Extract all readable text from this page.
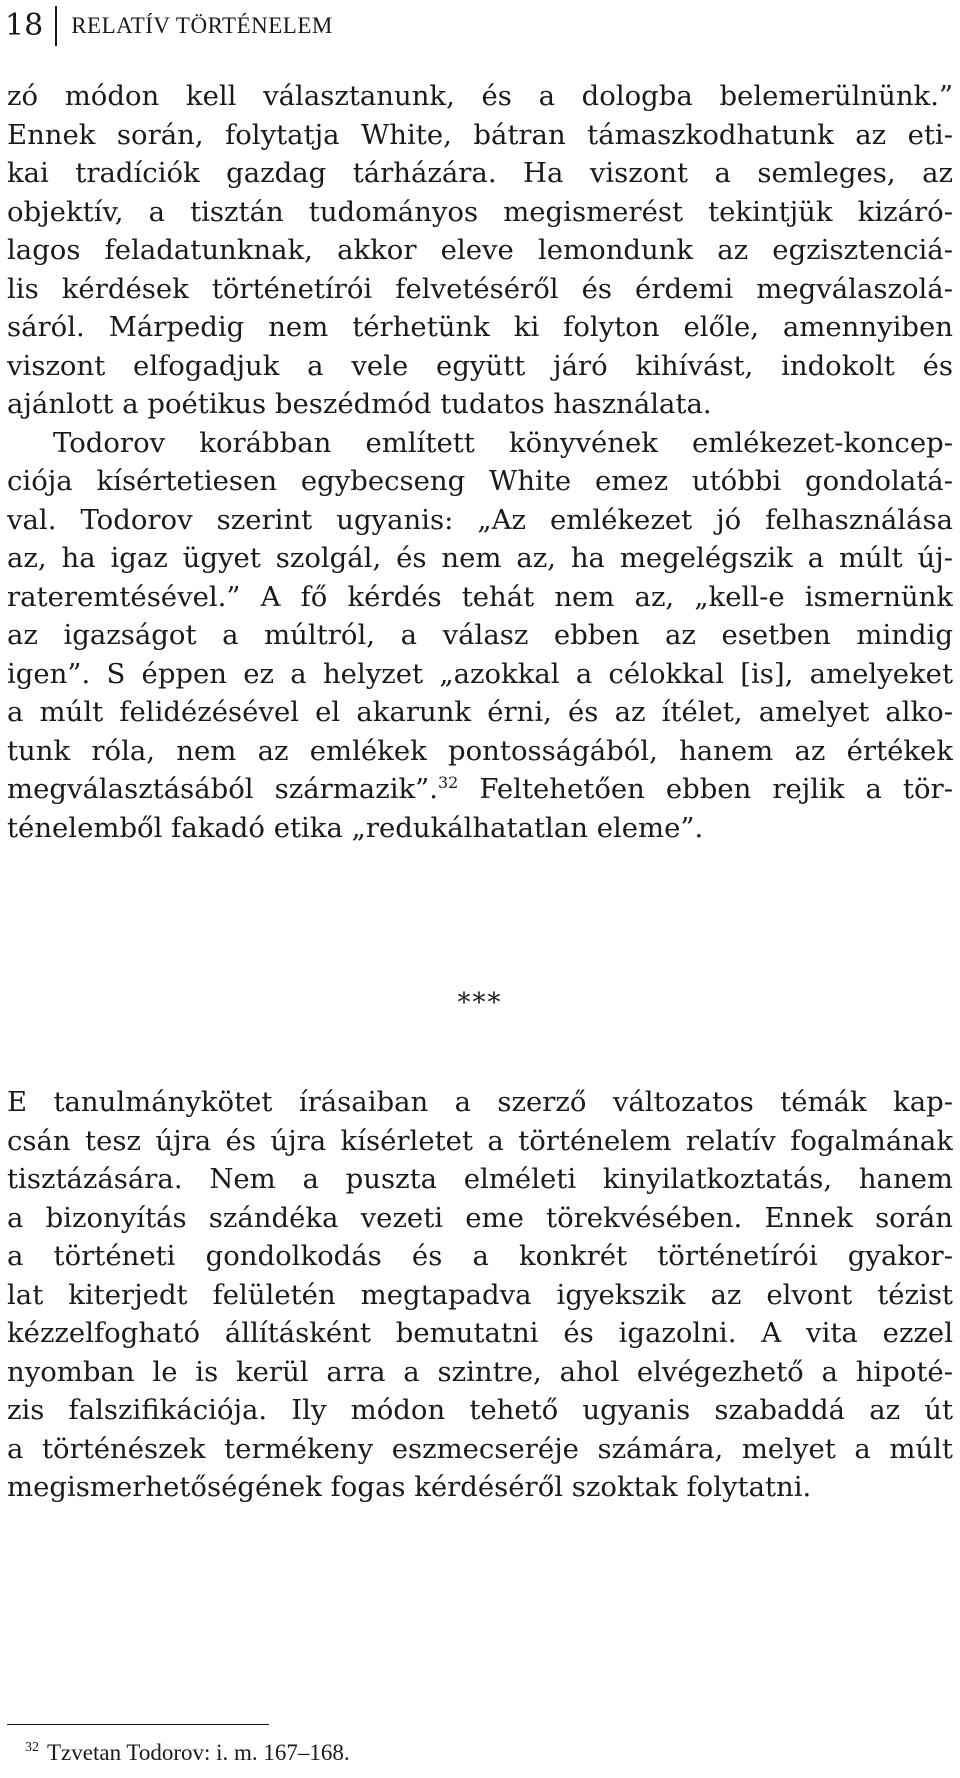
18	RELATÍV TÖRTÉNELEM
zó módon kell választanunk, és a dologba belemerülnünk.”
Ennek során, folytatja White, bátran támaszkodhatunk az eti-
kai tradíciók gazdag tárházára. Ha viszont a semleges, az
objektív, a tisztán tudományos megismerést tekintjük kizáró-
lagos feladatunknak, akkor eleve lemondunk az egzisztenciá-
lis kérdések történetírói felvetéséről és érdemi megválaszolá-
sáról. Márpedig nem térhetünk ki folyton előle, amennyiben
viszont elfogadjuk a vele együtt járó kihívást, indokolt és
ajánlott a poétikus beszédmód tudatos használata.
Todorov korábban említett könyvének emlékezet-koncep-
ciója kísértetiesen egybecseng White emez utóbbi gondolatá-
val. Todorov szerint ugyanis: „Az emlékezet jó felhasználása
az, ha igaz ügyet szolgál, és nem az, ha megelégszik a múlt új-
rateremtésével.” A fő kérdés tehát nem az, „kell-e ismernünk
az igazságot a múltról, a válasz ebben az esetben mindig
igen”. S éppen ez a helyzet „azokkal a célokkal [is], amelyeket
a múlt felidézésével el akarunk érni, és az ítélet, amelyet alko-
tunk róla, nem az emlékek pontosságából, hanem az értékek
megválasztásából származik”.$^{32}$ Feltehetően ebben rejlik a tör-
ténelemből fakadó etika „redukálhatatlan eleme”.
***
E tanulmánykötet írásaiban a szerző változatos témák kap-
csán tesz újra és újra kísérletet a történelem relatív fogalmának
tisztázására. Nem a puszta elméleti kinyilatkoztatás, hanem
a bizonyítás szándéka vezeti eme törekvésében. Ennek során
a történeti gondolkodás és a konkrét történetírói gyakor-
lat kiterjedt felületén megtapadva igyekszik az elvont tézist
kézzelfogható állításként bemutatni és igazolni. A vita ezzel
nyomban le is kerül arra a szintre, ahol elvégezhető a hipoté-
zis falszifikációja. Ily módon tehető ugyanis szabaddá az út
a történészek termékeny eszmecseréje számára, melyet a múlt
megismerhetőségének fogas kérdéséről szoktak folytatni.
$^{32}$ Tzvetan Todorov: i. m. 167–168.
